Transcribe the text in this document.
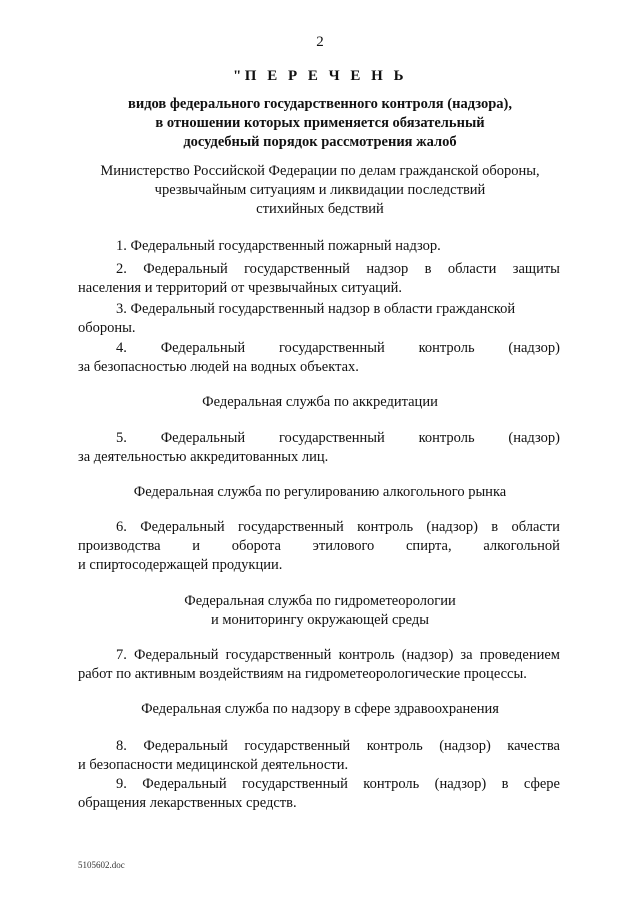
2
"П Е Р Е Ч Е Н Ь
видов федерального государственного контроля (надзора),
в отношении которых применяется обязательный
досудебный порядок рассмотрения жалоб
Министерство Российской Федерации по делам гражданской обороны,
чрезвычайным ситуациям и ликвидации последствий
стихийных бедствий
1. Федеральный государственный пожарный надзор.
2. Федеральный государственный надзор в области защиты
населения и территорий от чрезвычайных ситуаций.
3. Федеральный государственный надзор в области гражданской
обороны.
4. Федеральный государственный контроль (надзор)
за безопасностью людей на водных объектах.
Федеральная служба по аккредитации
5. Федеральный государственный контроль (надзор)
за деятельностью аккредитованных лиц.
Федеральная служба по регулированию алкогольного рынка
6. Федеральный государственный контроль (надзор) в области
производства и оборота этилового спирта, алкогольной
и спиртосодержащей продукции.
Федеральная служба по гидрометеорологии
и мониторингу окружающей среды
7. Федеральный государственный контроль (надзор) за проведением
работ по активным воздействиям на гидрометеорологические процессы.
Федеральная служба по надзору в сфере здравоохранения
8. Федеральный государственный контроль (надзор) качества
и безопасности медицинской деятельности.
9. Федеральный государственный контроль (надзор) в сфере
обращения лекарственных средств.
5105602.doc
